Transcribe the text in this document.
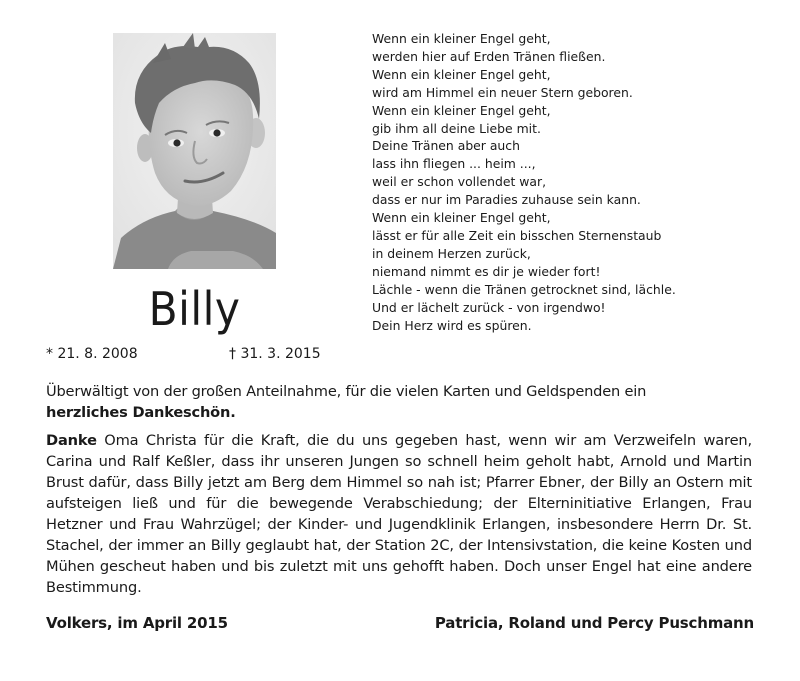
Billy
* 21. 8. 2008	† 31. 3. 2015
Wenn ein kleiner Engel geht,
werden hier auf Erden Tränen fließen.
Wenn ein kleiner Engel geht,
wird am Himmel ein neuer Stern geboren.
Wenn ein kleiner Engel geht,
gib ihm all deine Liebe mit.
Deine Tränen aber auch
lass ihn fliegen ... heim ...,
weil er schon vollendet war,
dass er nur im Paradies zuhause sein kann.
Wenn ein kleiner Engel geht,
lässt er für alle Zeit ein bisschen Sternenstaub
in deinem Herzen zurück,
niemand nimmt es dir je wieder fort!
Lächle - wenn die Tränen getrocknet sind, lächle.
Und er lächelt zurück - von irgendwo!
Dein Herz wird es spüren.
Überwältigt von der großen Anteilnahme, für die vielen Karten und Geldspenden ein
herzliches Dankeschön.
Danke Oma Christa für die Kraft, die du uns gegeben hast, wenn wir am Verzweifeln waren, Carina und Ralf Keßler, dass ihr unseren Jungen so schnell heim geholt habt, Arnold und Martin Brust dafür, dass Billy jetzt am Berg dem Himmel so nah ist; Pfarrer Ebner, der Billy an Ostern mit aufsteigen ließ und für die bewegende Verabschiedung; der Elterninitiative Erlangen, Frau Hetzner und Frau Wahrzügel; der Kinder- und Jugendklinik Erlangen, insbesondere Herrn Dr. St. Stachel, der immer an Billy geglaubt hat, der Station 2C, der Intensivstation, die keine Kosten und Mühen gescheut haben und bis zuletzt mit uns gehofft haben. Doch unser Engel hat eine andere Bestimmung.
Volkers, im April 2015	Patricia, Roland und Percy Puschmann
